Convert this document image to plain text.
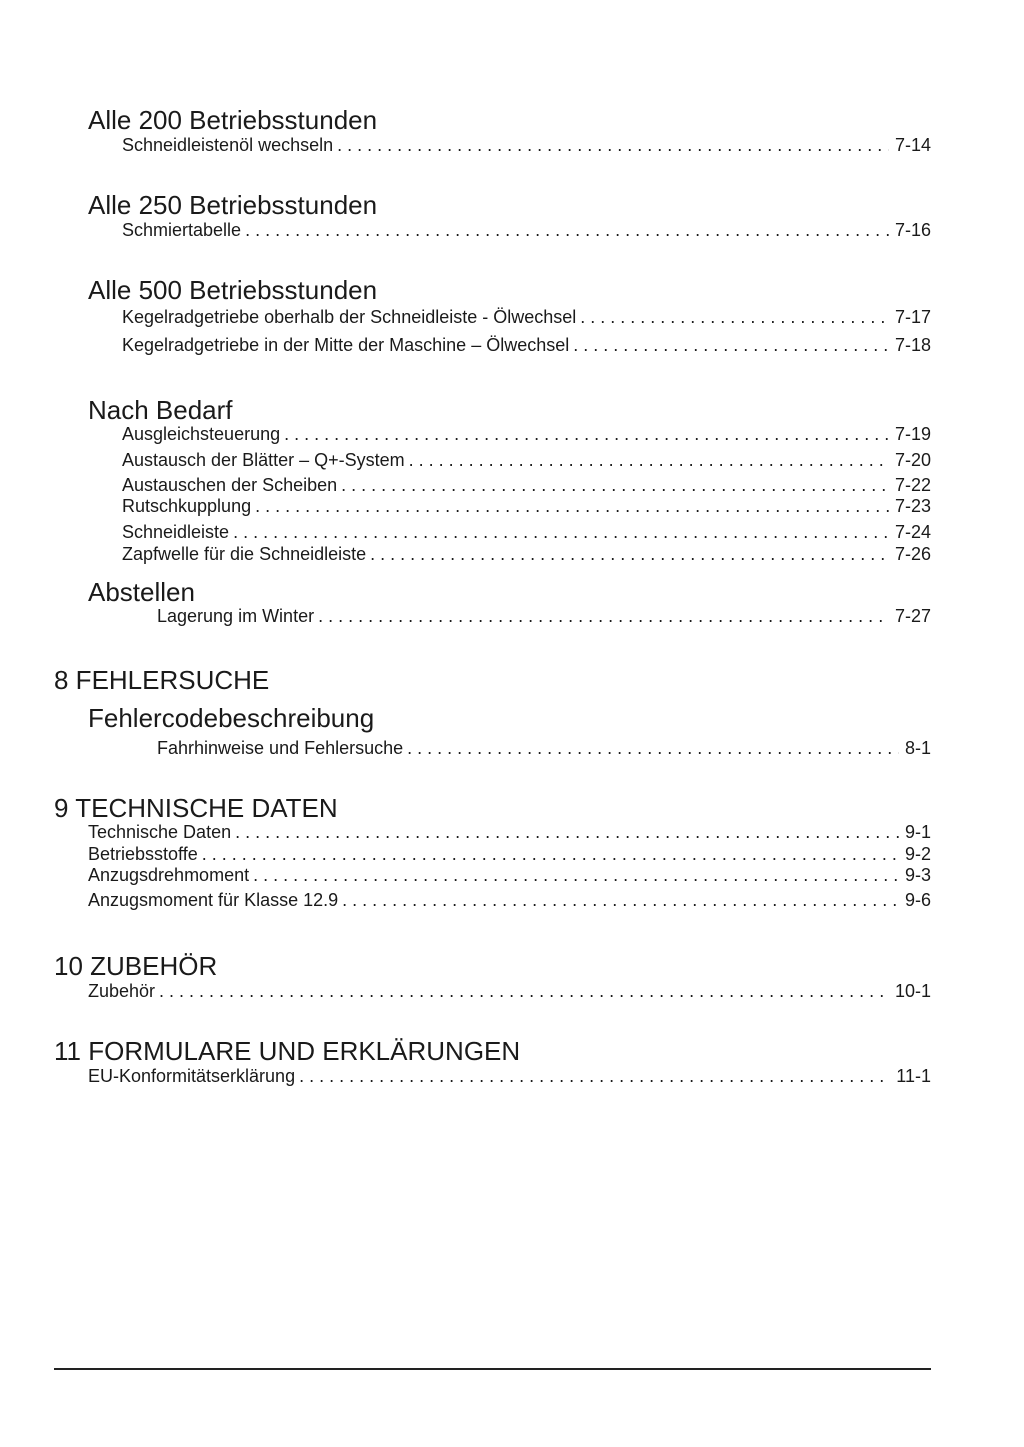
Alle 200 Betriebsstunden
Schneidleistenöl wechseln . . .	7-14
Alle 250 Betriebsstunden
Schmiertabelle . . .	7-16
Alle 500 Betriebsstunden
Kegelradgetriebe oberhalb der Schneidleiste - Ölwechsel . . .	7-17
Kegelradgetriebe in der Mitte der Maschine – Ölwechsel . . .	7-18
Nach Bedarf
Ausgleichsteuerung . . .	7-19
Austausch der Blätter – Q+-System . . .	7-20
Austauschen der Scheiben . . .	7-22
Rutschkupplung . . .	7-23
Schneidleiste . . .	7-24
Zapfwelle für die Schneidleiste . . .	7-26
Abstellen
Lagerung im Winter . . .	7-27
8 FEHLERSUCHE
Fehlercodebeschreibung
Fahrhinweise und Fehlersuche . . .	8-1
9 TECHNISCHE DATEN
Technische Daten . . .	9-1
Betriebsstoffe . . .	9-2
Anzugsdrehmoment . . .	9-3
Anzugsmoment für Klasse 12.9 . . .	9-6
10 ZUBEHÖR
Zubehör . . .	10-1
11 FORMULARE UND ERKLÄRUNGEN
EU-Konformitätserklärung . . .	11-1
